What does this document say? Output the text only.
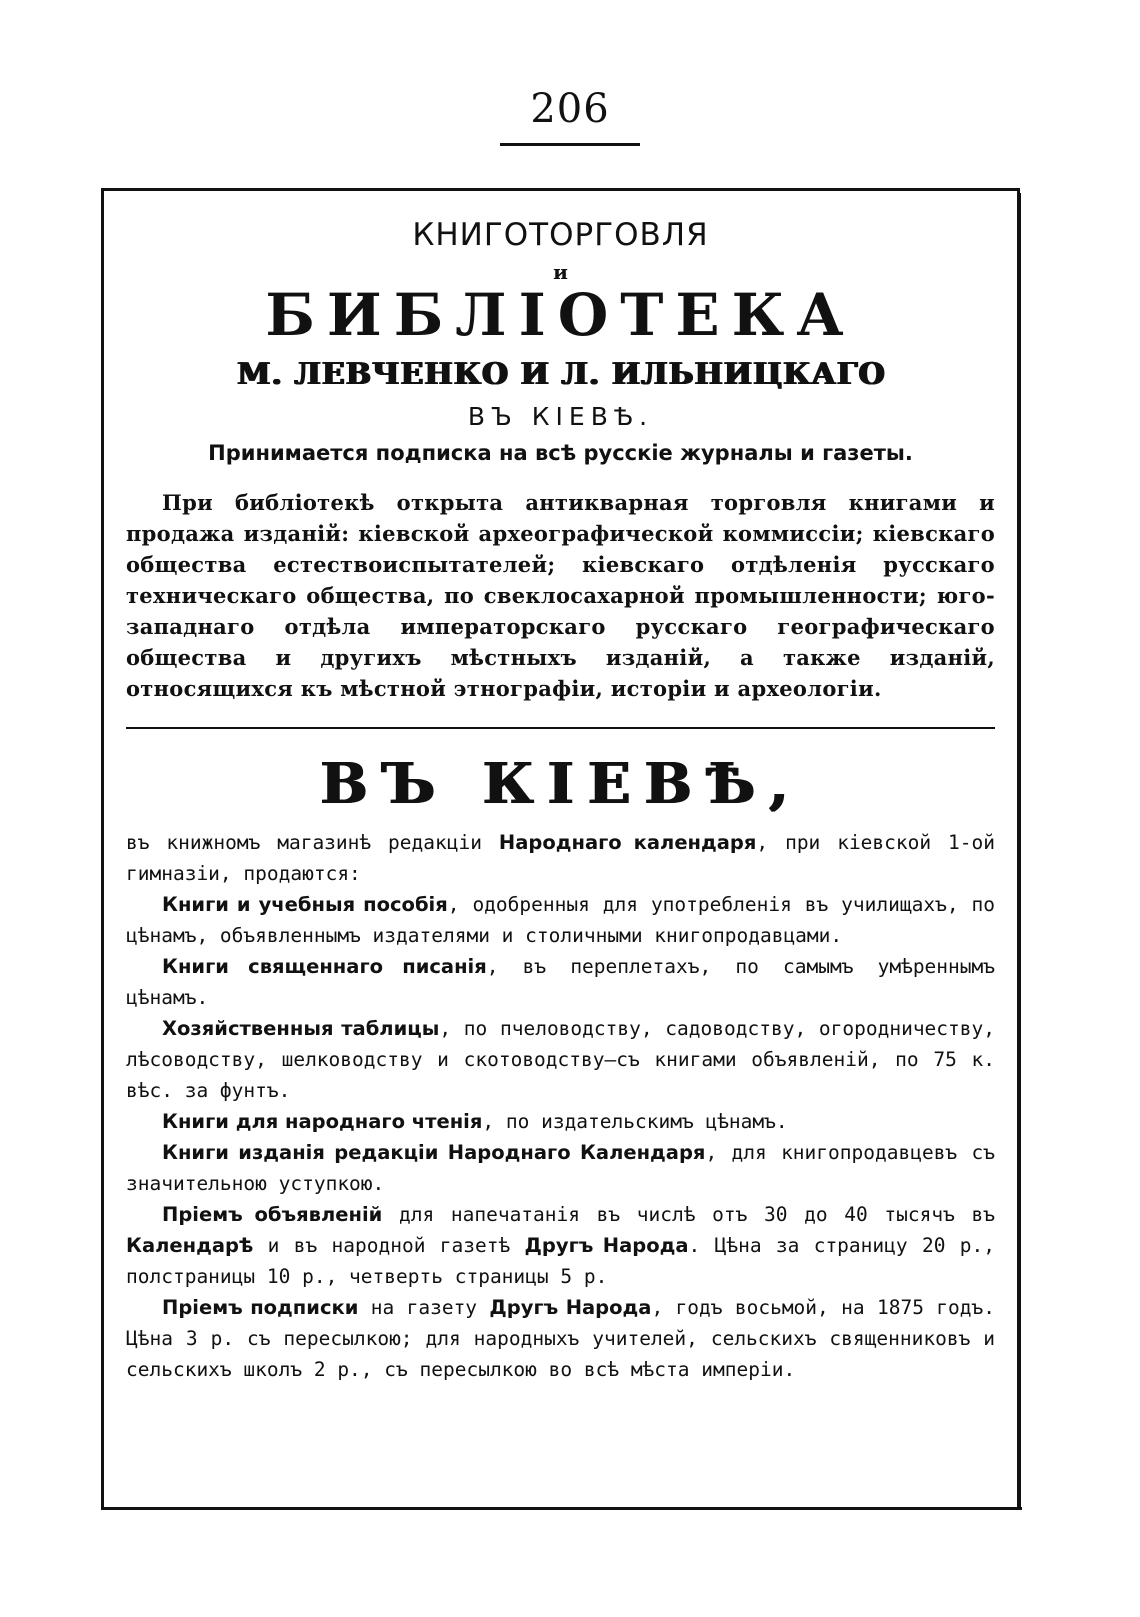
206
КНИГОТОРГОВЛЯ
и
БИБЛІОТЕКА
М. ЛЕВЧЕНКО И Л. ИЛЬНИЦКАГО
ВЪ КІЕВѢ.
Принимается подписка на всѣ русскіе журналы и газеты.
При библіотекѣ открыта антикварная торговля книгами и продажа изданій: кіевской археографической коммиссіи; кіевскаго общества естествоиспытателей; кіевскаго отдѣленія русскаго техническаго общества, по свеклосахарной промышленности; юго-западнаго отдѣла императорскаго русскаго географическаго общества и другихъ мѣстныхъ изданій, а также изданій, относящихся къ мѣстной этнографіи, исторіи и археологіи.
ВЪ КІЕВѢ,
въ книжномъ магазинѣ редакціи Народнаго календаря, при кіевской 1-ой гимназіи, продаются:
Книги и учебныя пособія, одобренныя для употребленія въ училищахъ, по цѣнамъ, объявленнымъ издателями и столичными книгопродавцами.
Книги священнаго писанія, въ переплетахъ, по самымъ умѣреннымъ цѣнамъ.
Хозяйственныя таблицы, по пчеловодству, садоводству, огородничеству, лѣсоводству, шелководству и скотоводству—съ книгами объявленій, по 75 к. вѣс. за фунтъ.
Книги для народнаго чтенія, по издательскимъ цѣнамъ.
Книги изданія редакціи Народнаго Календаря, для книгопродавцевъ съ значительною уступкою.
Пріемъ объявленій для напечатанія въ числѣ отъ 30 до 40 тысячъ въ Календарѣ и въ народной газетѣ Другъ Народа. Цѣна за страницу 20 р., полстраницы 10 р., четверть страницы 5 р.
Пріемъ подписки на газету Другъ Народа, годъ восьмой, на 1875 годъ. Цѣна 3 р. съ пересылкою; для народныхъ учителей, сельскихъ священниковъ и сельскихъ школъ 2 р., съ пересылкою во всѣ мѣста имперіи.
